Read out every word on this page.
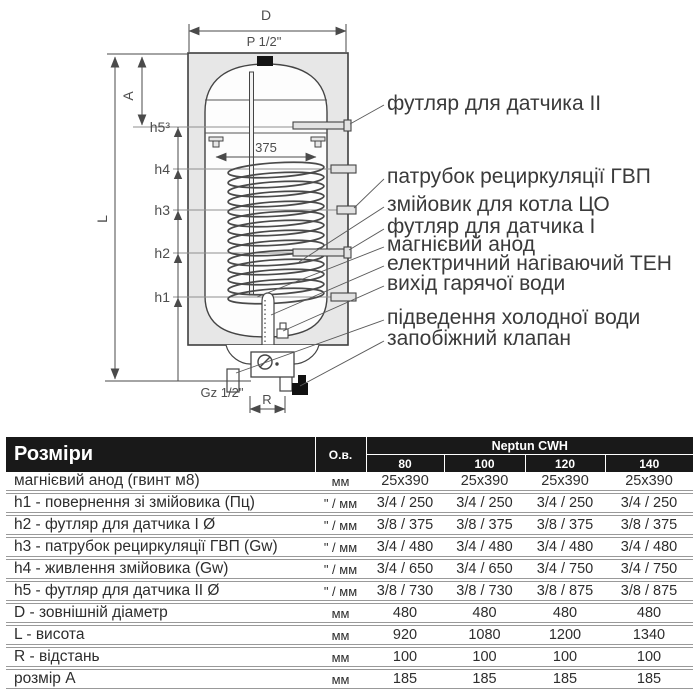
D
P 1/2"
A
L
h5³
h4
h3
h2
h1
375
Gz 1/2" R
футляр для датчика II
патрубок рециркуляції ГВП
змійовик для котла ЦО
футляр для датчика I
магнієвий анод
електричний нагіваючий ТЕН
вихід гарячої води
підведення холодної води
запобіжний клапан
Розміри	О.в.	Neptun CWH			
		80	100	120	140
магнієвий анод (гвинт м8)	мм	25x390	25x390	25x390	25x390
h1 - повернення зі змійовика (Пц)	" / мм	3/4 / 250	3/4 / 250	3/4 / 250	3/4 / 250
h2 - футляр для датчика I Ø	" / мм	3/8 / 375	3/8 / 375	3/8 / 375	3/8 / 375
h3 - патрубок рециркуляції ГВП (Gw)	" / мм	3/4 / 480	3/4 / 480	3/4 / 480	3/4 / 480
h4 - живлення змійовика (Gw)	" / мм	3/4 / 650	3/4 / 650	3/4 / 750	3/4 / 750
h5 - футляр для датчика II Ø	" / мм	3/8 / 730	3/8 / 730	3/8 / 875	3/8 / 875
D - зовнішній діаметр	мм	480	480	480	480
L - висота	мм	920	1080	1200	1340
R - відстань	мм	100	100	100	100
розмір A	мм	185	185	185	185
